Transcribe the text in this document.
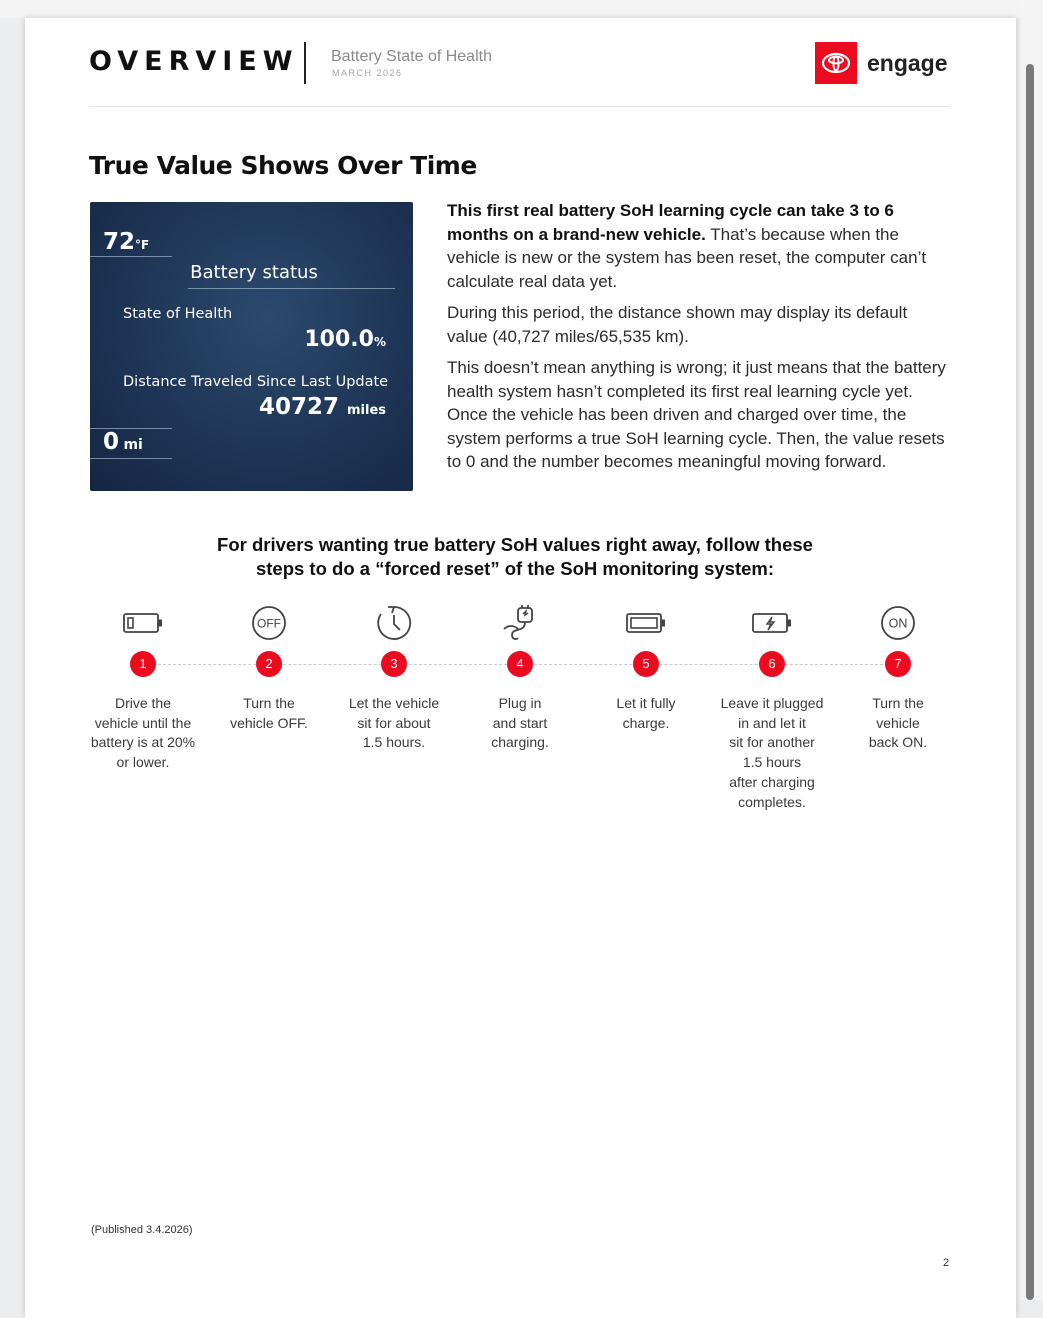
OVERVIEW Battery State of Health
MARCH 2026	engage
True Value Shows Over Time
72°F
Battery status
State of Health
100.0%
Distance Traveled Since Last Update
40727 miles
0 mi

This first real battery SoH learning cycle can take 3 to 6 months on a brand-new vehicle. That’s because when the vehicle is new or the system has been reset, the computer can’t calculate real data yet.

During this period, the distance shown may display its default value (40,727 miles/65,535 km).

This doesn’t mean anything is wrong; it just means that the battery health system hasn’t completed its first real learning cycle yet. Once the vehicle has been driven and charged over time, the system performs a true SoH learning cycle. Then, the value resets to 0 and the number becomes meaningful moving forward.

For drivers wanting true battery SoH values right away, follow these steps to do a “forced reset” of the SoH monitoring system:
1
Drive the
vehicle until the
battery is at 20%
or lower.
OFF
2
Turn the
vehicle OFF.
3
Let the vehicle
sit for about
1.5 hours.
4
Plug in
and start
charging.
5
Let it fully
charge.
6
Leave it plugged
in and let it
sit for another
1.5 hours
after charging
completes.
ON
7
Turn the
vehicle
back ON.
(Published 3.4.2026)
2
